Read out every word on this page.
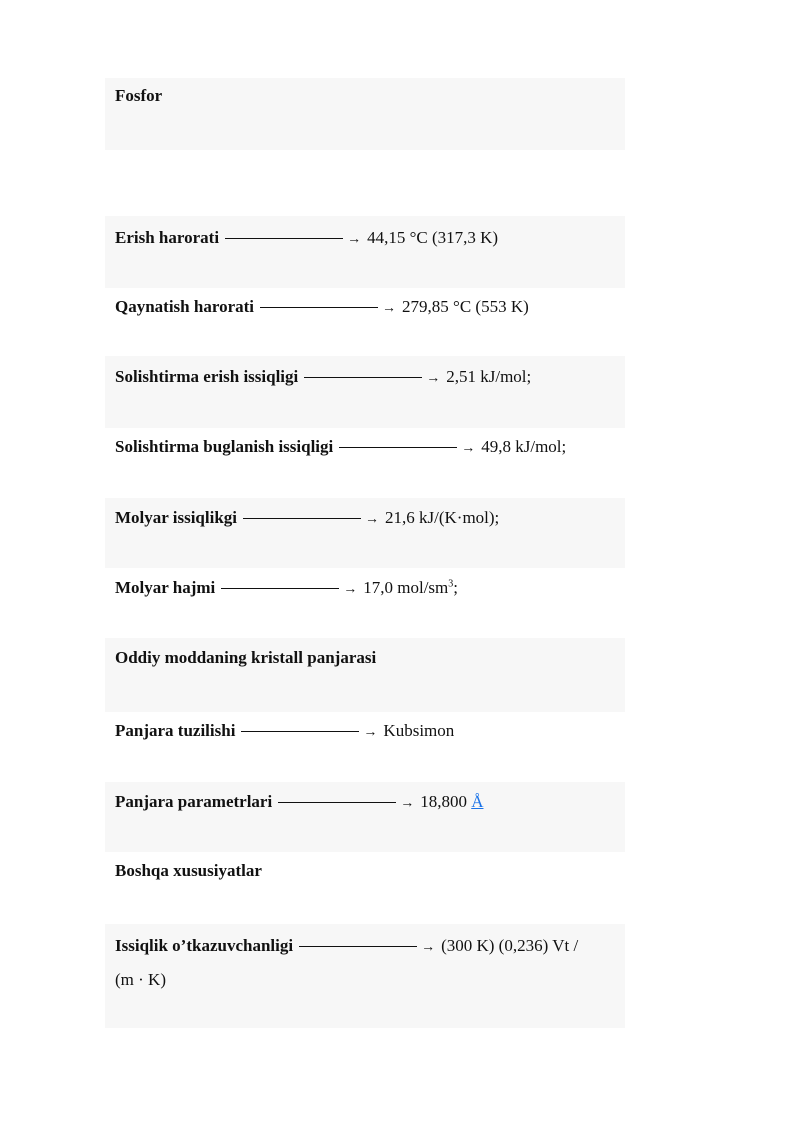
Fosfor
Erish harorati	→ 44,15 °C (317,3 K)
Qaynatish harorati	→ 279,85 °C (553 K)
Solishtirma erish issiqligi	→ 2,51 kJ/mol;
Solishtirma buglanish issiqligi	→ 49,8 kJ/mol;
Molyar issiqlikgi	→ 21,6 kJ/(K·mol);
Molyar hajmi	→ 17,0 mol/$sm^3$;
Oddiy moddaning kristall panjarasi
Panjara tuzilishi	→ Kubsimon
Panjara parametrlari	→ 18,800 Å
Boshqa xususiyatlar
Issiqlik o’tkazuvchanligi	→ (300 K) (0,236) Vt /
(m · K)
